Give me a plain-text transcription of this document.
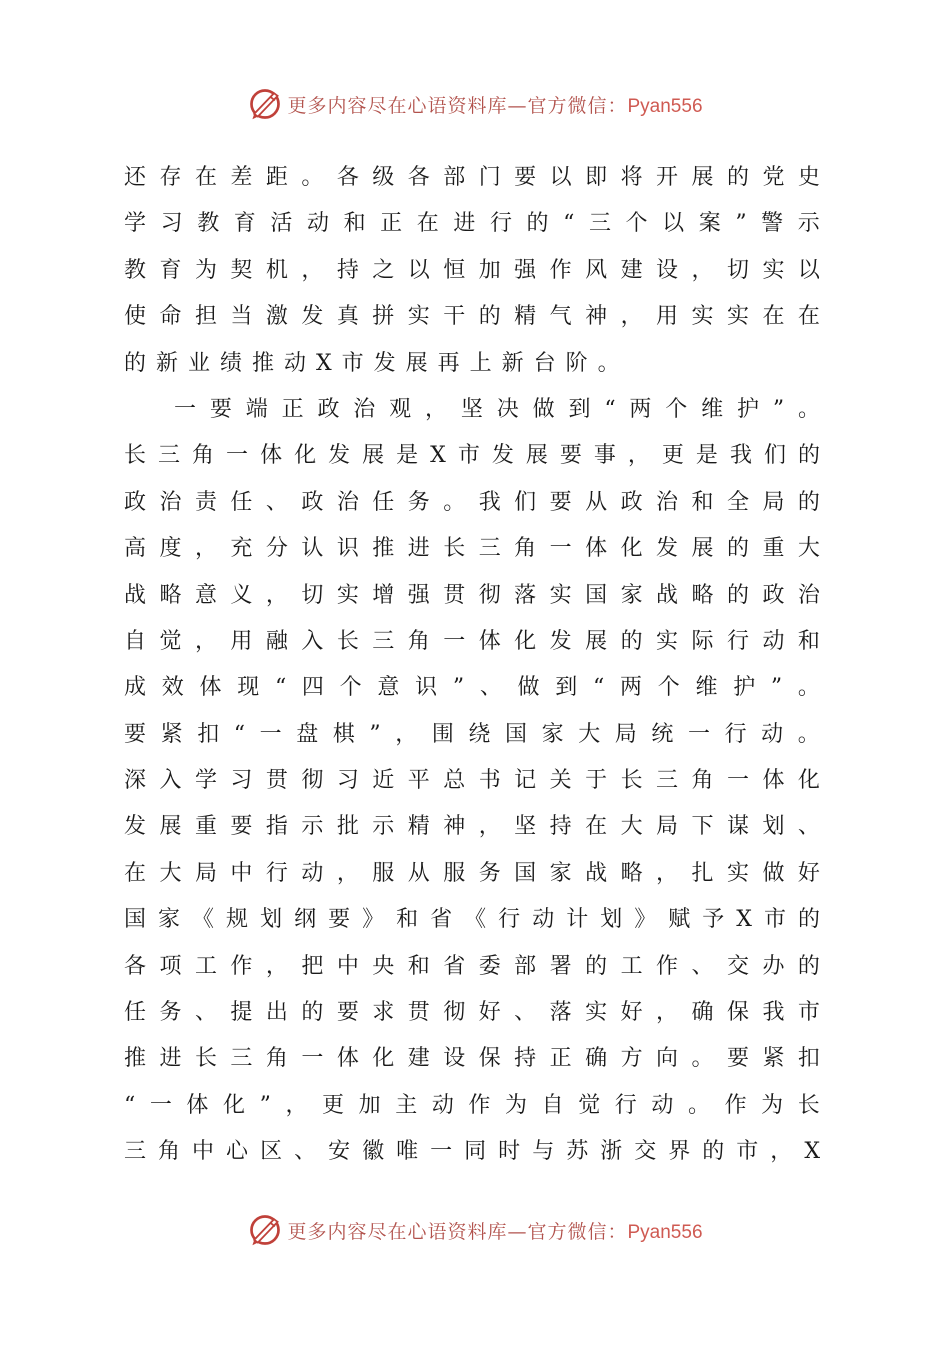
更多内容尽在心语资料库—官方微信：Pyan556
还 存 在 差 距 。 各 级 各 部 门 要 以 即 将 开 展 的 党 史
学 习 教 育 活 动 和 正 在 进 行 的 “ 三 个 以 案 ” 警 示
教 育 为 契 机 ， 持 之 以 恒 加 强 作 风 建 设 ， 切 实 以
使 命 担 当 激 发 真 拼 实 干 的 精 气 神 ， 用 实 实 在 在
的新业绩推动X市发展再上新台阶。
一 要 端 正 政 治 观 ， 坚 决 做 到 “ 两 个 维 护 ” 。
长 三 角 一 体 化 发 展 是 X 市 发 展 要 事 ， 更 是 我 们 的
政 治 责 任 、 政 治 任 务 。 我 们 要 从 政 治 和 全 局 的
高 度 ， 充 分 认 识 推 进 长 三 角 一 体 化 发 展 的 重 大
战 略 意 义 ， 切 实 增 强 贯 彻 落 实 国 家 战 略 的 政 治
自 觉 ， 用 融 入 长 三 角 一 体 化 发 展 的 实 际 行 动 和
成 效 体 现 “ 四 个 意 识 ” 、 做 到 “ 两 个 维 护 ” 。
要 紧 扣 “ 一 盘 棋 ” ， 围 绕 国 家 大 局 统 一 行 动 。
深 入 学 习 贯 彻 习 近 平 总 书 记 关 于 长 三 角 一 体 化
发 展 重 要 指 示 批 示 精 神 ， 坚 持 在 大 局 下 谋 划 、
在 大 局 中 行 动 ， 服 从 服 务 国 家 战 略 ， 扎 实 做 好
国 家 《 规 划 纲 要 》 和 省 《 行 动 计 划 》 赋 予 X 市 的
各 项 工 作 ， 把 中 央 和 省 委 部 署 的 工 作 、 交 办 的
任 务 、 提 出 的 要 求 贯 彻 好 、 落 实 好 ， 确 保 我 市
推 进 长 三 角 一 体 化 建 设 保 持 正 确 方 向 。 要 紧 扣
“ 一 体 化 ” ， 更 加 主 动 作 为 自 觉 行 动 。 作 为 长
三 角 中 心 区 、 安 徽 唯 一 同 时 与 苏 浙 交 界 的 市 ， X
更多内容尽在心语资料库—官方微信：Pyan556
